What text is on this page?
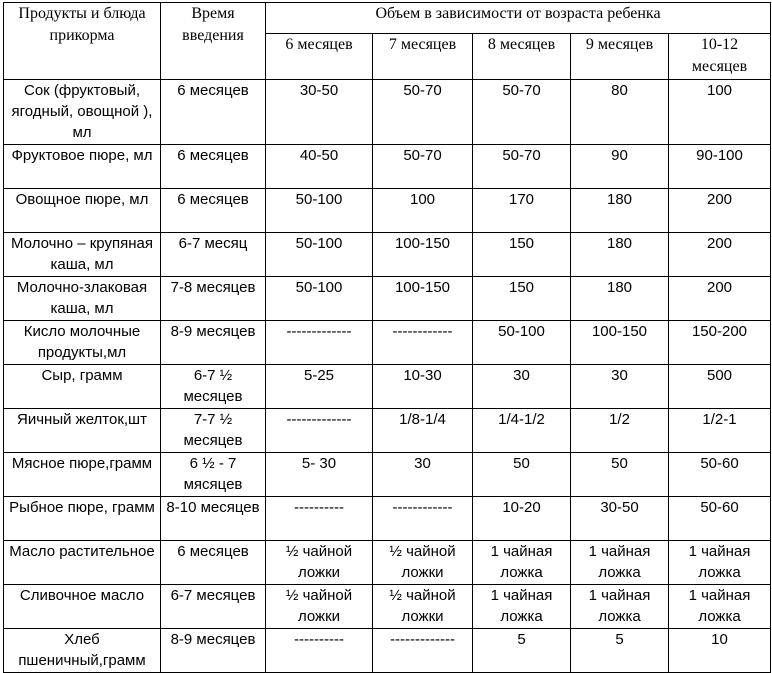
Продукты и блюда прикорма	Время введения	Объем в зависимости от возраста ребенка				
		6 месяцев	7 месяцев	8 месяцев	9 месяцев	10-12 месяцев
Сок (фруктовый, ягодный, овощной ), мл	6 месяцев	30-50	50-70	50-70	80	100
Фруктовое пюре, мл	6 месяцев	40-50	50-70	50-70	90	90-100
Овощное пюре, мл	6 месяцев	50-100	100	170	180	200
Молочно – крупяная каша, мл	6-7 месяц	50-100	100-150	150	180	200
Молочно-злаковая каша, мл	7-8 месяцев	50-100	100-150	150	180	200
Кисло молочные продукты,мл	8-9 месяцев	-------------	------------	50-100	100-150	150-200
Сыр, грамм	6-7 ½ месяцев	5-25	10-30	30	30	500
Яичный желток,шт	7-7 ½ месяцев	-------------	1/8-1/4	1/4-1/2	1/2	1/2-1
Мясное пюре,грамм	6 ½ - 7 мясяцев	5- 30	30	50	50	50-60
Рыбное пюре, грамм	8-10 месяцев	----------	------------	10-20	30-50	50-60
Масло растительное	6 месяцев	½ чайной ложки	½ чайной ложки	1 чайная ложка	1 чайная ложка	1 чайная ложка
Сливочное масло	6-7 месяцев	½ чайной ложки	½ чайной ложки	1 чайная ложка	1 чайная ложка	1 чайная ложка
Хлеб пшеничный,грамм	8-9 месяцев	----------	-------------	5	5	10
